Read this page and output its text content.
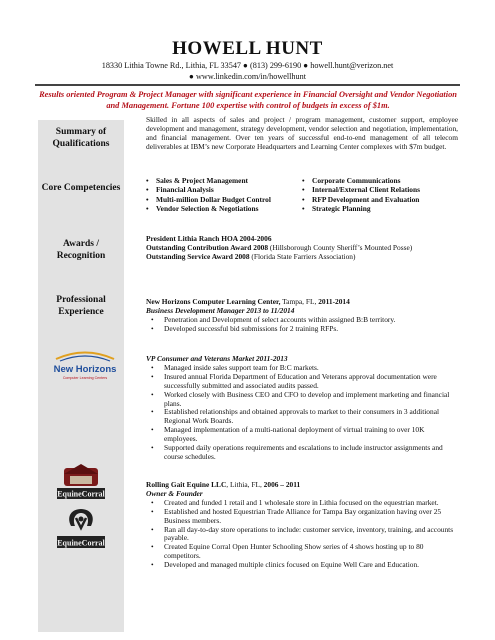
HOWELL HUNT
18330 Lithia Towne Rd., Lithia, FL 33547 ● (813) 299-6190 ● howell.hunt@verizon.net
● www.linkedin.com/in/howellhunt
Results oriented Program & Project Manager with significant experience in Financial Oversight and Vendor Negotiation and Management. Fortune 100 expertise with control of budgets in excess of $1m.
Summary of Qualifications
Skilled in all aspects of sales and project / program management, customer support, employee development and management, strategy development, vendor selection and negotiation, implementation, and financial management. Over ten years of successful end-to-end management of all telecom deliverables at IBM’s new Corporate Headquarters and Learning Center complexes with $7m budget.
Core Competencies
• Sales & Project Management
• Financial Analysis
• Multi-million Dollar Budget Control
• Vendor Selection & Negotiations
• Corporate Communications
• Internal/External Client Relations
• RFP Development and Evaluation
• Strategic Planning
Awards / Recognition
President Lithia Ranch HOA 2004-2006
Outstanding Contribution Award 2008 (Hillsborough County Sheriff’s Mounted Posse)
Outstanding Service Award 2008 (Florida State Farriers Association)
Professional Experience
New Horizons Computer Learning Center, Tampa, FL, 2011-2014
Business Development Manager 2013 to 11/2014
• Penetration and Development of select accounts within assigned B:B territory.
• Developed successful bid submissions for 2 training RFPs.
VP Consumer and Veterans Market 2011-2013
• Managed inside sales support team for B:C markets.
• Insured annual Florida Department of Education and Veterans approval documentation were successfully submitted and associated audits passed.
• Worked closely with Business CEO and CFO to develop and implement marketing and financial plans.
• Established relationships and obtained approvals to market to their consumers in 3 additional Regional Work Boards.
• Managed implementation of a multi-national deployment of virtual training to over 10K employees.
• Supported daily operations requirements and escalations to include instructor assignments and course schedules.
Rolling Gait Equine LLC, Lithia, FL, 2006 – 2011
Owner & Founder
• Created and funded 1 retail and 1 wholesale store in Lithia focused on the equestrian market.
• Established and hosted Equestrian Trade Alliance for Tampa Bay organization having over 25 Business members.
• Ran all day-to-day store operations to include: customer service, inventory, training, and accounts payable.
• Created Equine Corral Open Hunter Schooling Show series of 4 shows hosting up to 80 competitors.
• Developed and managed multiple clinics focused on Equine Well Care and Education.
New Horizons
Computer Learning Centers
EquineCorral
EquineCorral
